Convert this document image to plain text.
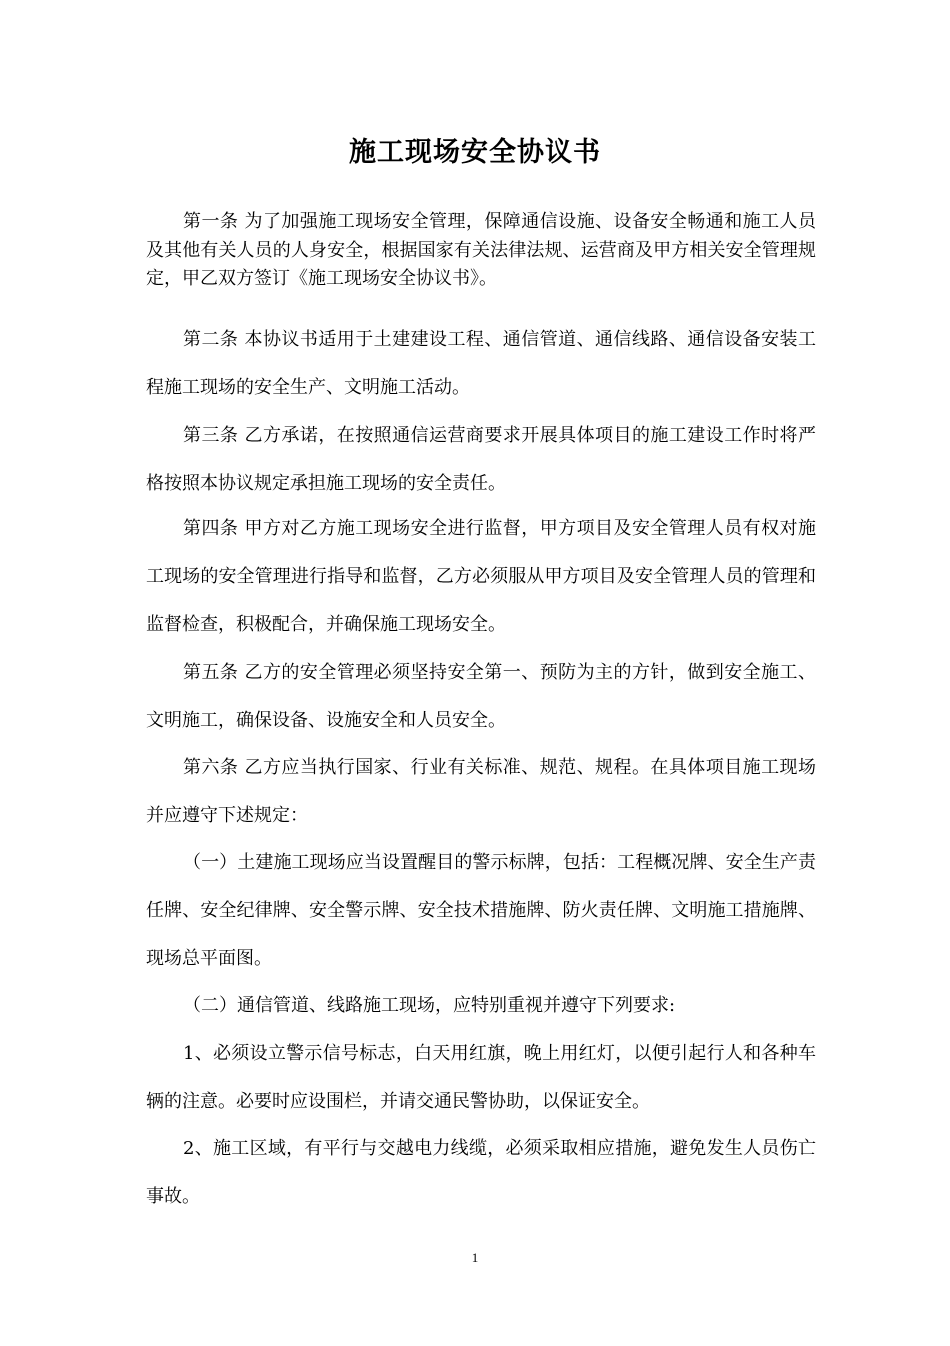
施工现场安全协议书

第一条 为了加强施工现场安全管理，保障通信设施、设备安全畅通和施工人员及其他有关人员的人身安全，根据国家有关法律法规、运营商及甲方相关安全管理规定，甲乙双方签订《施工现场安全协议书》。

第二条 本协议书适用于土建建设工程、通信管道、通信线路、通信设备安装工程施工现场的安全生产、文明施工活动。

第三条 乙方承诺，在按照通信运营商要求开展具体项目的施工建设工作时将严格按照本协议规定承担施工现场的安全责任。

第四条 甲方对乙方施工现场安全进行监督，甲方项目及安全管理人员有权对施工现场的安全管理进行指导和监督，乙方必须服从甲方项目及安全管理人员的管理和监督检查，积极配合，并确保施工现场安全。

第五条 乙方的安全管理必须坚持安全第一、预防为主的方针，做到安全施工、文明施工，确保设备、设施安全和人员安全。

第六条 乙方应当执行国家、行业有关标准、规范、规程。在具体项目施工现场并应遵守下述规定：

（一）土建施工现场应当设置醒目的警示标牌，包括：工程概况牌、安全生产责任牌、安全纪律牌、安全警示牌、安全技术措施牌、防火责任牌、文明施工措施牌、现场总平面图。

（二）通信管道、线路施工现场，应特别重视并遵守下列要求:

1、必须设立警示信号标志，白天用红旗，晚上用红灯，以便引起行人和各种车辆的注意。必要时应设围栏，并请交通民警协助，以保证安全。

2、施工区域，有平行与交越电力线缆，必须采取相应措施，避免发生人员伤亡事故。

1
